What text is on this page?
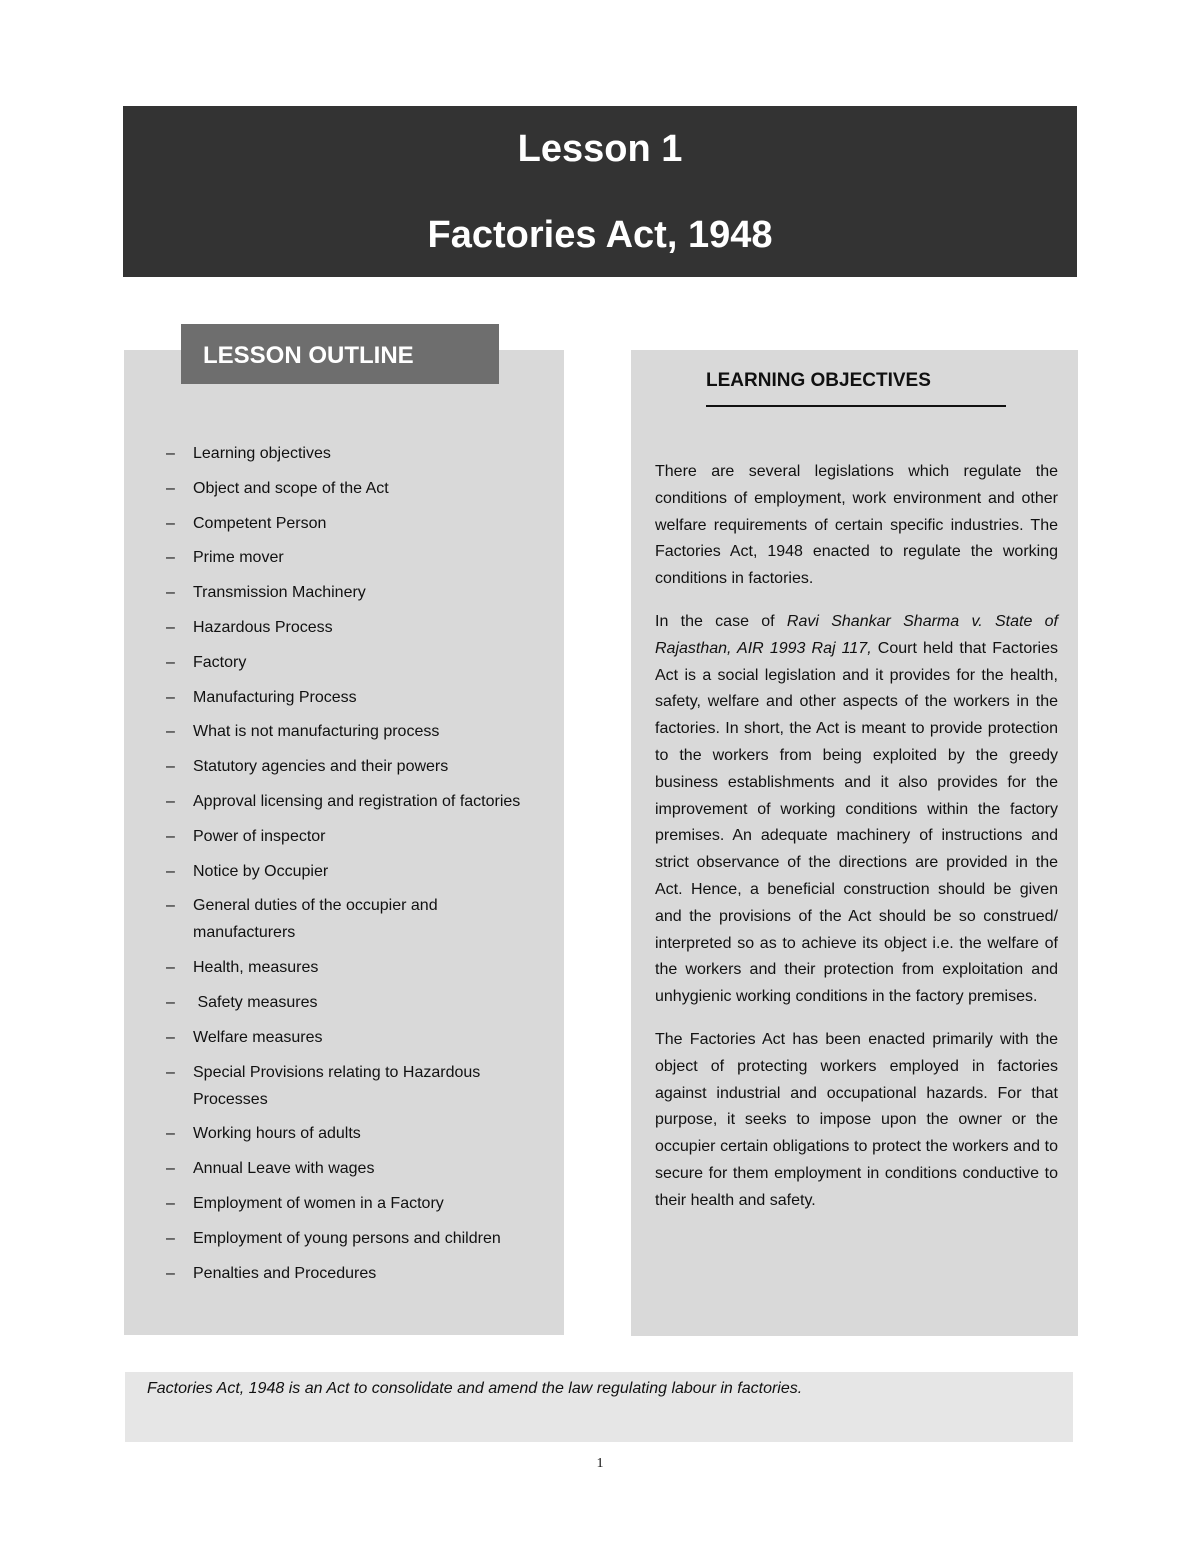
Lesson 1
Factories Act, 1948
LESSON OUTLINE
– Learning objectives
– Object and scope of the Act
– Competent Person
– Prime mover
– Transmission Machinery
– Hazardous Process
– Factory
– Manufacturing Process
– What is not manufacturing process
– Statutory agencies and their powers
– Approval licensing and registration of factories
– Power of inspector
– Notice by Occupier
– General duties of the occupier and manufacturers
– Health, measures
– Safety measures
– Welfare measures
– Special Provisions relating to Hazardous Processes
– Working hours of adults
– Annual Leave with wages
– Employment of women in a Factory
– Employment of young persons and children
– Penalties and Procedures
LEARNING OBJECTIVES

There are several legislations which regulate the conditions of employment, work environment and other welfare requirements of certain specific industries. The Factories Act, 1948 enacted to regulate the working conditions in factories.

In the case of Ravi Shankar Sharma v. State of Rajasthan, AIR 1993 Raj 117, Court held that Factories Act is a social legislation and it provides for the health, safety, welfare and other aspects of the workers in the factories. In short, the Act is meant to provide protection to the workers from being exploited by the greedy business establishments and it also provides for the improvement of working conditions within the factory premises. An adequate machinery of instructions and strict observance of the directions are provided in the Act. Hence, a beneficial construction should be given and the provisions of the Act should be so construed/ interpreted so as to achieve its object i.e. the welfare of the workers and their protection from exploitation and unhygienic working conditions in the factory premises.

The Factories Act has been enacted primarily with the object of protecting workers employed in factories against industrial and occupational hazards. For that purpose, it seeks to impose upon the owner or the occupier certain obligations to protect the workers and to secure for them employment in conditions conductive to their health and safety.

Factories Act, 1948 is an Act to consolidate and amend the law regulating labour in factories.
1
